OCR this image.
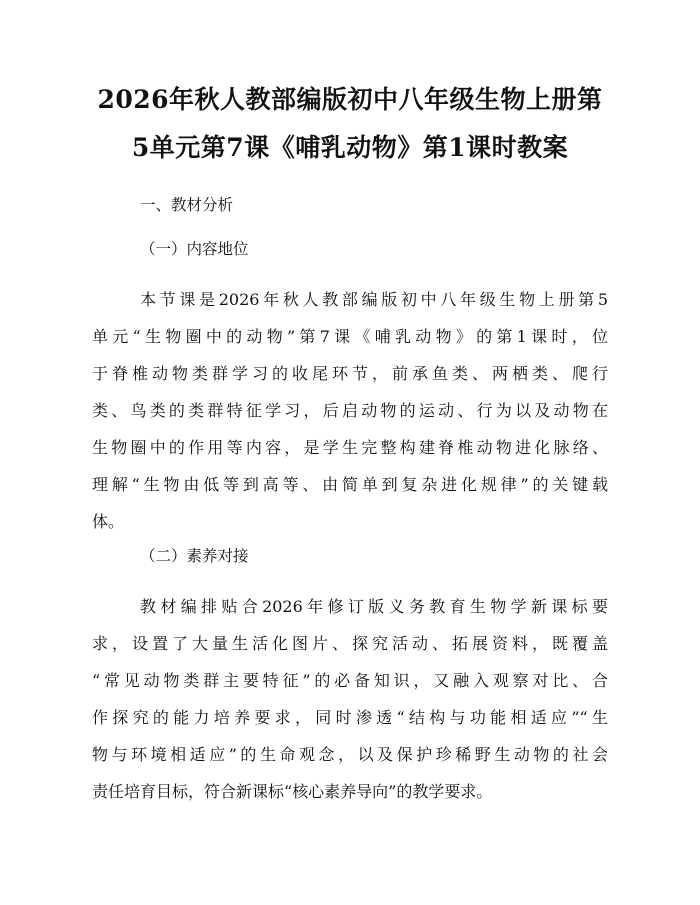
2026年秋人教部编版初中八年级生物上册第
5单元第7课《哺乳动物》第1课时教案
一、教材分析
（一）内容地位
本节课是2026年秋人教部编版初中八年级生物上册第5
单元“生物圈中的动物”第7课《哺乳动物》的第1课时，位
于脊椎动物类群学习的收尾环节，前承鱼类、两栖类、爬行
类、鸟类的类群特征学习，后启动物的运动、行为以及动物在
生物圈中的作用等内容，是学生完整构建脊椎动物进化脉络、
理解“生物由低等到高等、由简单到复杂进化规律”的关键载
体。
（二）素养对接
教材编排贴合2026年修订版义务教育生物学新课标要
求，设置了大量生活化图片、探究活动、拓展资料，既覆盖
“常见动物类群主要特征”的必备知识，又融入观察对比、合
作探究的能力培养要求，同时渗透“结构与功能相适应”“生
物与环境相适应”的生命观念，以及保护珍稀野生动物的社会
责任培育目标，符合新课标“核心素养导向”的教学要求。
